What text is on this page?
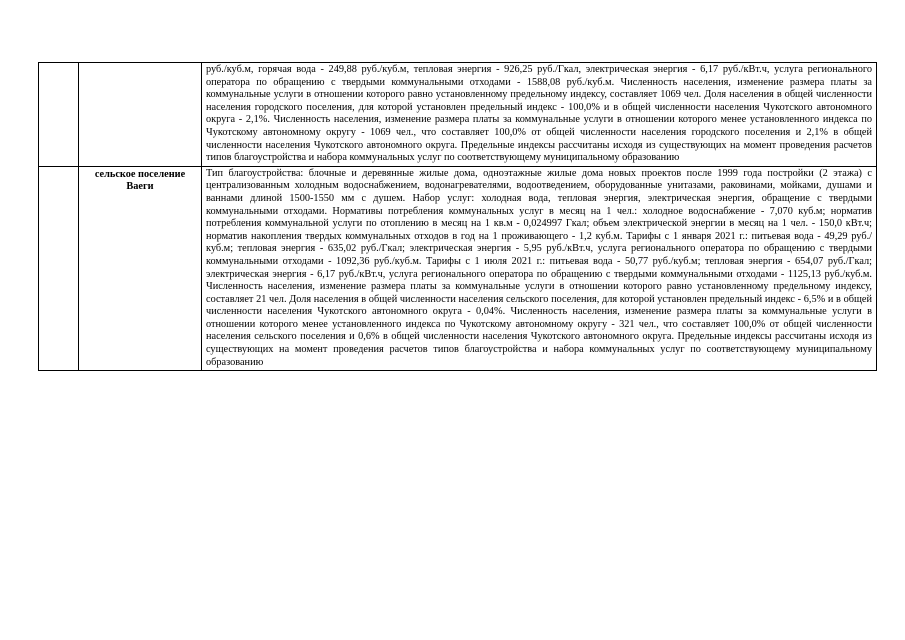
		руб./куб.м, горячая вода - 249,88 руб./куб.м, тепловая энергия - 926,25 руб./Гкал, электрическая энергия - 6,17 руб./кВт.ч, услуга регионального оператора по обращению с твердыми коммунальными отходами - 1588,08 руб./куб.м. Численность населения, изменение размера платы за коммунальные услуги в отношении которого равно установленному предельному индексу, составляет 1069 чел. Доля населения в общей численности населения городского поселения, для которой установлен предельный индекс - 100,0% и в общей численности населения Чукотского автономного округа - 2,1%. Численность населения, изменение размера платы за коммунальные услуги в отношении которого менее установленного индекса по Чукотскому автономному округу - 1069 чел., что составляет 100,0% от общей численности населения городского поселения и 2,1% в общей численности населения Чукотского автономного округа. Предельные индексы рассчитаны исходя из существующих на момент проведения расчетов типов благоустройства и набора коммунальных услуг по соответствующему муниципальному образованию
	сельское поселение Ваеги	Тип благоустройства: блочные и деревянные жилые дома, одноэтажные жилые дома новых проектов после 1999 года постройки (2 этажа) с централизованным холодным водоснабжением, водонагревателями, водоотведением, оборудованные унитазами, раковинами, мойками, душами и ваннами длиной 1500-1550 мм с душем. Набор услуг: холодная вода, тепловая энергия, электрическая энергия, обращение с твердыми коммунальными отходами. Нормативы потребления коммунальных услуг в месяц на 1 чел.: холодное водоснабжение - 7,070 куб.м; норматив потребления коммунальной услуги по отоплению в месяц на 1 кв.м - 0,024997 Гкал; объем электрической энергии в месяц на 1 чел. - 150,0 кВт.ч; норматив накопления твердых коммунальных отходов в год на 1 проживающего - 1,2 куб.м. Тарифы с 1 января 2021 г.: питьевая вода - 49,29 руб./куб.м; тепловая энергия - 635,02 руб./Гкал; электрическая энергия - 5,95 руб./кВт.ч, услуга регионального оператора по обращению с твердыми коммунальными отходами - 1092,36 руб./куб.м. Тарифы с 1 июля 2021 г.: питьевая вода - 50,77 руб./куб.м; тепловая энергия - 654,07 руб./Гкал; электрическая энергия - 6,17 руб./кВт.ч, услуга регионального оператора по обращению с твердыми коммунальными отходами - 1125,13 руб./куб.м. Численность населения, изменение размера платы за коммунальные услуги в отношении которого равно установленному предельному индексу, составляет 21 чел. Доля населения в общей численности населения сельского поселения, для которой установлен предельный индекс - 6,5% и в общей численности населения Чукотского автономного округа - 0,04%. Численность населения, изменение размера платы за коммунальные услуги в отношении которого менее установленного индекса по Чукотскому автономному округу - 321 чел., что составляет 100,0% от общей численности населения сельского поселения и 0,6% в общей численности населения Чукотского автономного округа. Предельные индексы рассчитаны исходя из существующих на момент проведения расчетов типов благоустройства и набора коммунальных услуг по соответствующему муниципальному образованию
